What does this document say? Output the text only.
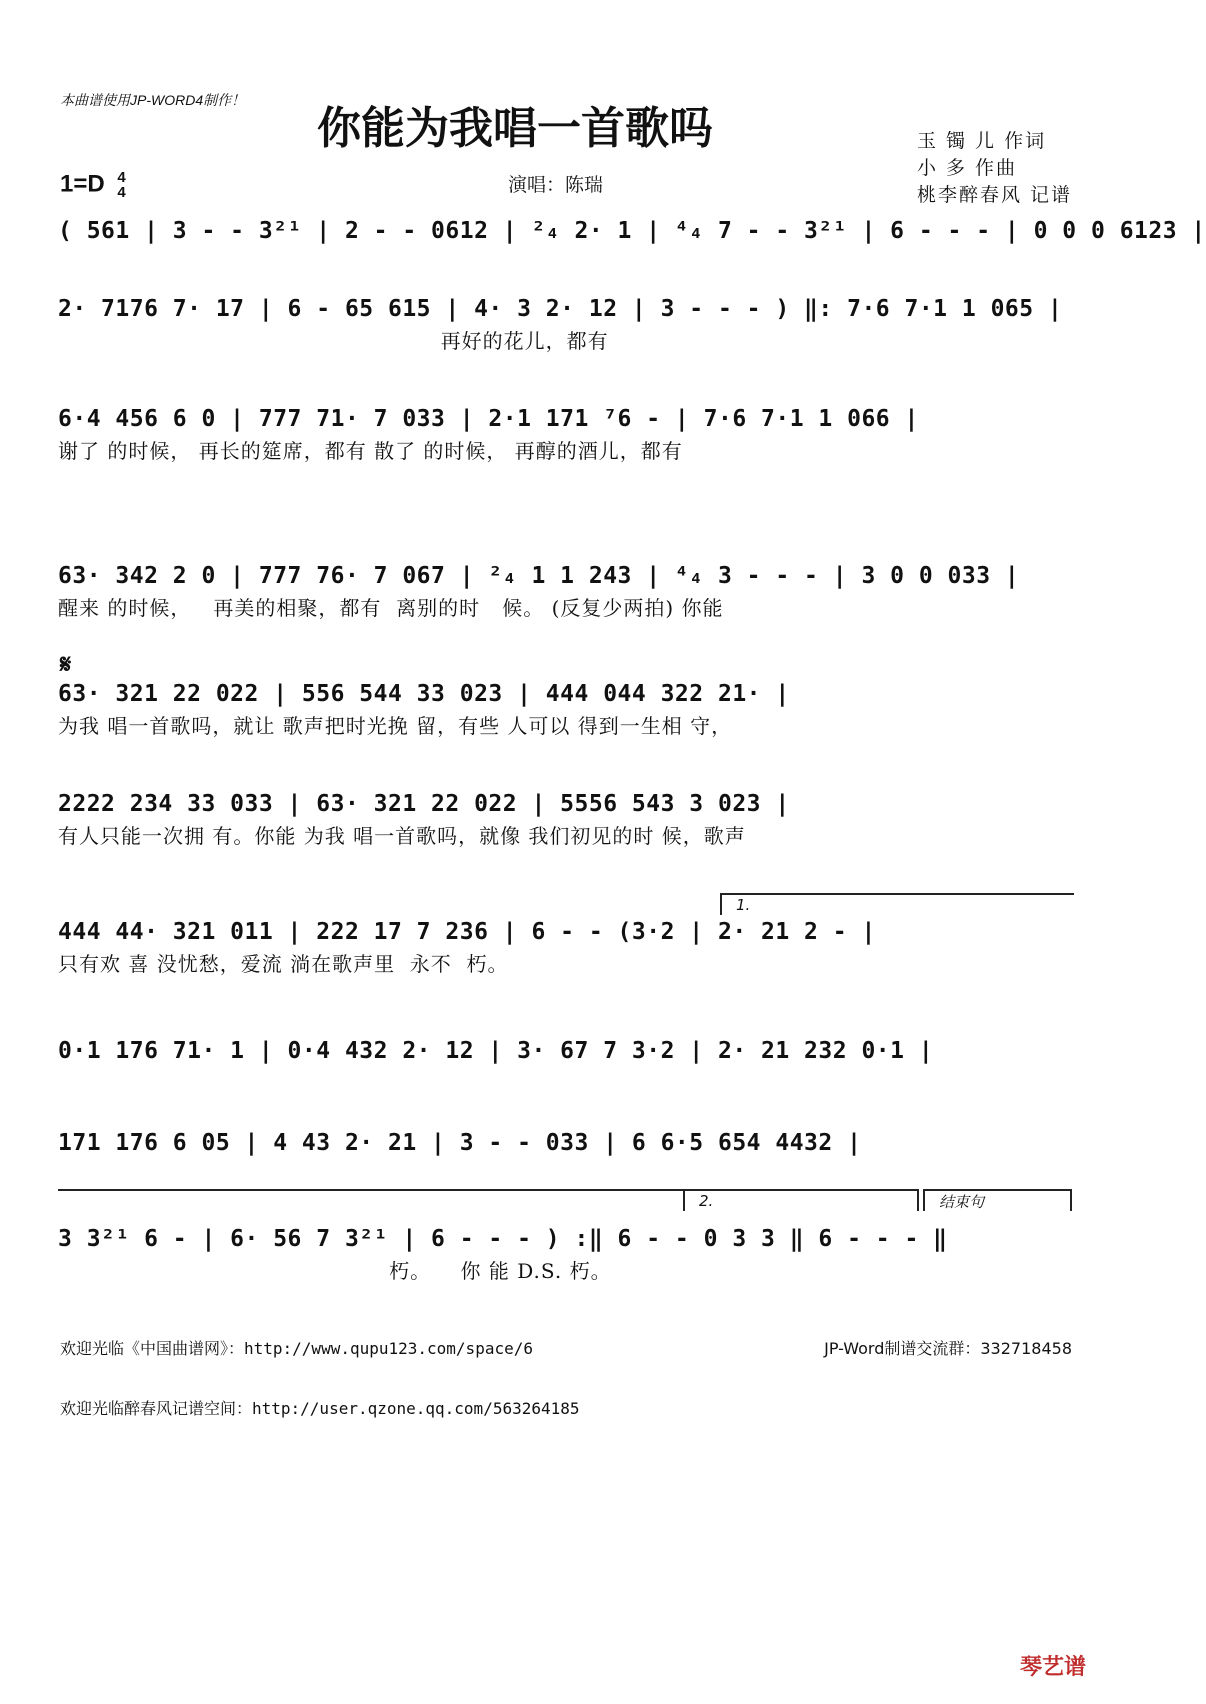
本曲谱使用JP-WORD4制作！
你能为我唱一首歌吗	玉 镯 儿 作词
小 多 作曲
桃李醉春风 记谱
1=D 4
4	演唱：陈瑞
( 561 | 3 - - 3²¹ | 2 - - 0612 | ²₄ 2· 1 | ⁴₄ 7 - - 3²¹ | 6 - - - | 0 0 0 6123 |
2· 7176 7· 17 | 6 - 65 615 | 4· 3 2· 12 | 3 - - - ) ‖: 7·6 7·1 1 065 |
再好的花儿，都有
6·4 456 6 0 | 777 71· 7 033 | 2·1 171 ⁷6 - | 7·6 7·1 1 066 |
谢了 的时候， 再长的筵席，都有 散了 的时候， 再醇的酒儿，都有
63· 342 2 0 | 777 76· 7 067 | ²₄ 1 1 243 | ⁴₄ 3 - - - | 3 0 0 033 |
醒来 的时候，   再美的相聚，都有  离别的时   候。 (反复少两拍) 你能
𝄋
63· 321 22 022 | 556 544 33 023 | 444 044 322 21· |
为我 唱一首歌吗，就让 歌声把时光挽 留，有些 人可以 得到一生相 守，
2222 234 33 033 | 63· 321 22 022 | 5556 543 3 023 |
有人只能一次拥 有。你能 为我 唱一首歌吗，就像 我们初见的时 候，歌声
1.
444 44· 321 011 | 222 17 7 236 | 6 - - (3·2 | 2· 21 2 - |
只有欢 喜 没忧愁，爱流 淌在歌声里  永不  朽。
0·1 176 71· 1 | 0·4 432 2· 12 | 3· 67 7 3·2 | 2· 21 232 0·1 |
171 176 6 05 | 4 43 2· 21 | 3 - - 033 | 6 6·5 654 4432 |
2.	结束句
3 3²¹ 6 - | 6· 56 7 3²¹ | 6 - - - ) :‖ 6 - - 0 3 3 ‖ 6 - - - ‖
朽。    你 能 D.S. 朽。
欢迎光临《中国曲谱网》：http://www.qupu123.com/space/6	JP-Word制谱交流群：332718458
欢迎光临醉春风记谱空间：http://user.qzone.qq.com/563264185
琴艺谱
